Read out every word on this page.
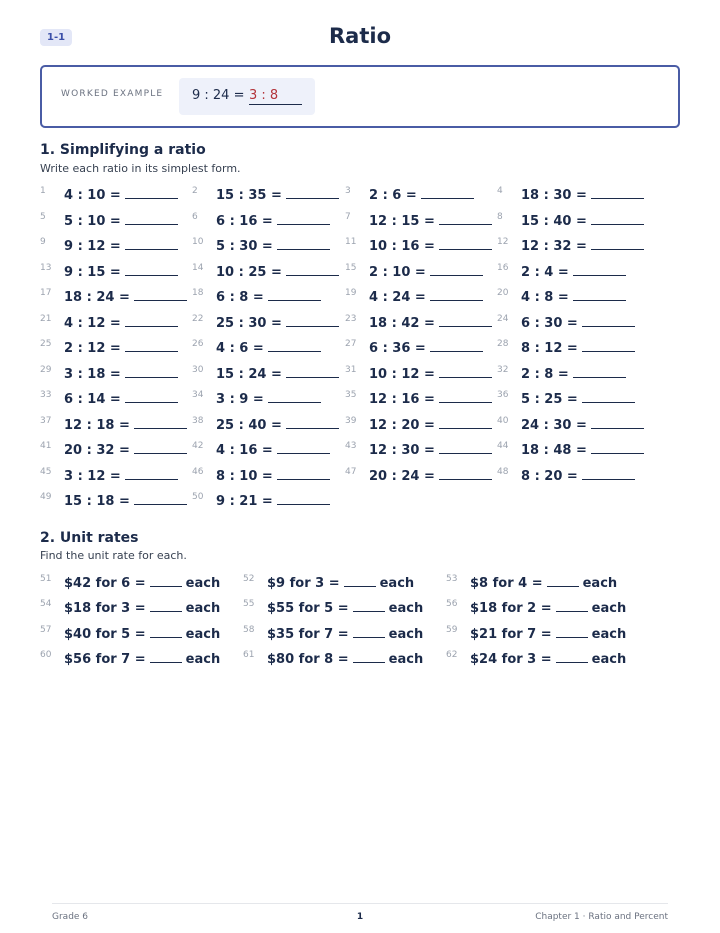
1-1	Ratio
WORKED EXAMPLE 9 : 24 = 3 : 8
1. Simplifying a ratio
Write each ratio in its simplest form.
1 4 : 10 =	2 15 : 35 =	3 2 : 6 =	4 18 : 30 =
5 5 : 10 =	6 6 : 16 =	7 12 : 15 =	8 15 : 40 =
9 9 : 12 =	10 5 : 30 =	11 10 : 16 =	12 12 : 32 =
13 9 : 15 =	14 10 : 25 =	15 2 : 10 =	16 2 : 4 =
17 18 : 24 =	18 6 : 8 =	19 4 : 24 =	20 4 : 8 =
21 4 : 12 =	22 25 : 30 =	23 18 : 42 =	24 6 : 30 =
25 2 : 12 =	26 4 : 6 =	27 6 : 36 =	28 8 : 12 =
29 3 : 18 =	30 15 : 24 =	31 10 : 12 =	32 2 : 8 =
33 6 : 14 =	34 3 : 9 =	35 12 : 16 =	36 5 : 25 =
37 12 : 18 =	38 25 : 40 =	39 12 : 20 =	40 24 : 30 =
41 20 : 32 =	42 4 : 16 =	43 12 : 30 =	44 18 : 48 =
45 3 : 12 =	46 8 : 10 =	47 20 : 24 =	48 8 : 20 =
49 15 : 18 =	50 9 : 21 =
2. Unit rates
Find the unit rate for each.
51 $42 for 6 =	each	52 $9 for 3 =	each	53 $8 for 4 =	each
54 $18 for 3 =	each	55 $55 for 5 =	each	56 $18 for 2 =	each
57 $40 for 5 =	each	58 $35 for 7 =	each	59 $21 for 7 =	each
60 $56 for 7 =	each	61 $80 for 8 =	each	62 $24 for 3 =	each
Grade 6	1	Chapter 1 · Ratio and Percent
